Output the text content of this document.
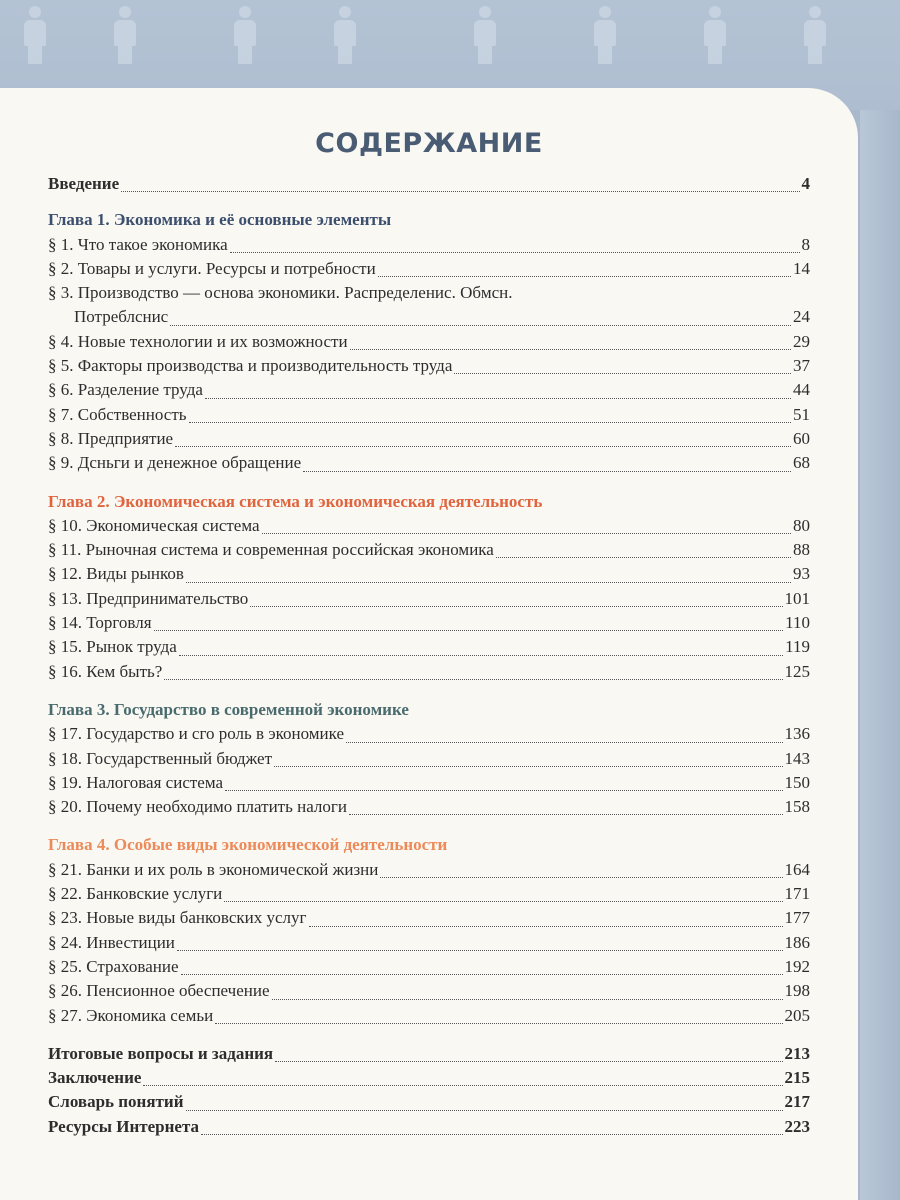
СОДЕРЖАНИЕ
Введение	4
Глава 1. Экономика и её основные элементы
§ 1. Что такое экономика	8
§ 2. Товары и услуги. Ресурсы и потребности	14
§ 3. Производство — основа экономики. Распределенис. Обмсн.
Потреблснис	24
§ 4. Новые технологии и их возможности	29
§ 5. Факторы производства и производительность труда	37
§ 6. Разделение труда	44
§ 7. Собственность	51
§ 8. Предприятие	60
§ 9. Дсньги и денежное обращение	68
Глава 2. Экономическая система и экономическая деятельность
§ 10. Экономическая система	80
§ 11. Рыночная система и современная российская экономика	88
§ 12. Виды рынков	93
§ 13. Предпринимательство	101
§ 14. Торговля	110
§ 15. Рынок труда	119
§ 16. Кем быть?	125
Глава 3. Государство в современной экономике
§ 17. Государство и сго роль в экономике	136
§ 18. Государственный бюджет	143
§ 19. Налоговая система	150
§ 20. Почему необходимо платить налоги	158
Глава 4. Особые виды экономической деятельности
§ 21. Банки и их роль в экономической жизни	164
§ 22. Банковские услуги	171
§ 23. Новые виды банковских услуг	177
§ 24. Инвестиции	186
§ 25. Страхование	192
§ 26. Пенсионное обеспечение	198
§ 27. Экономика семьи	205
Итоговые вопросы и задания	213
Заключение	215
Словарь понятий	217
Ресурсы Интернета	223
